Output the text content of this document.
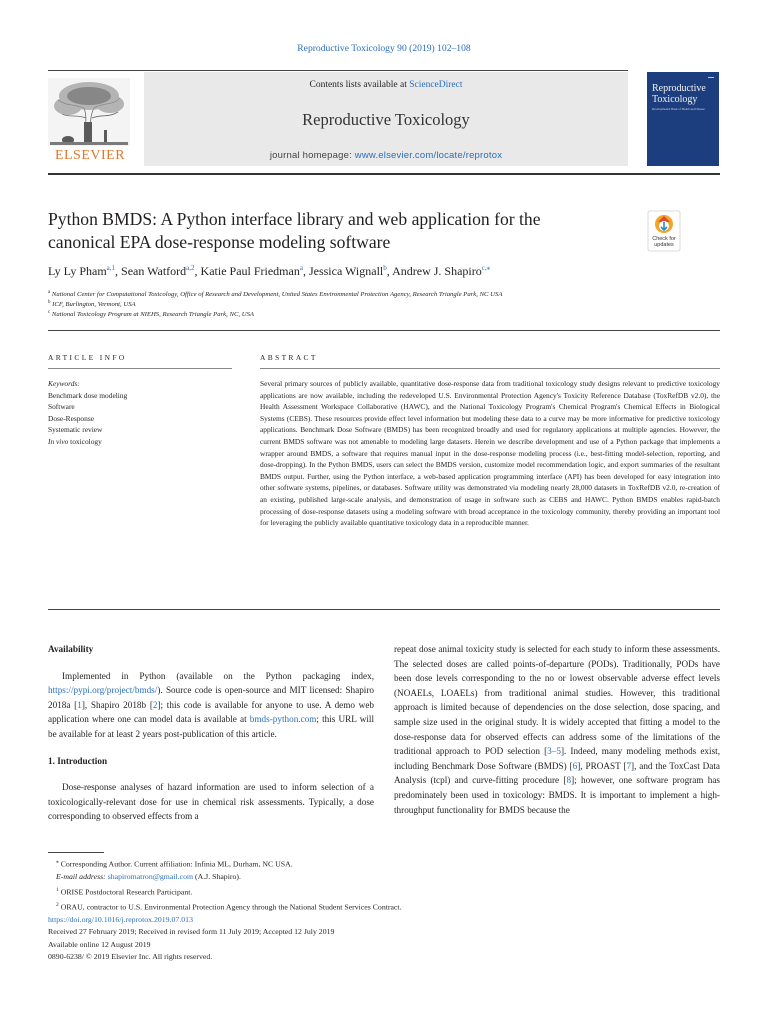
Reproductive Toxicology 90 (2019) 102–108
Contents lists available at ScienceDirect
Reproductive Toxicology
journal homepage: www.elsevier.com/locate/reprotox
ELSEVIER
▬▬
Reproductive
Toxicology
Developmental Basis of Health and Disease
Python BMDS: A Python interface library and web application for the
canonical EPA dose-response modeling software	Check for
updates
Ly Ly Pham$^{a,1}$, Sean Watford$^{a,2}$, Katie Paul Friedman$^a$, Jessica Wignall$^b$, Andrew J. Shapiro$^{c,⁎}$
$^a$ National Center for Computational Toxicology, Office of Research and Development, United States Environmental Protection Agency, Research Triangle Park, NC USA
$^b$ ICF, Burlington, Vermont, USA
$^c$ National Toxicology Program at NIEHS, Research Triangle Park, NC, USA
ARTICLE INFO	ABSTRACT
Keywords:
Benchmark dose modeling
Software
Dose-Response
Systematic review
In vivo toxicology
Several primary sources of publicly available, quantitative dose-response data from traditional toxicology study designs relevant to predictive toxicology applications are now available, including the redeveloped U.S. Environmental Protection Agency's Toxicity Reference Database (ToxRefDB v2.0), the Health Assessment Workspace Collaborative (HAWC), and the National Toxicology Program's Chemical Program's Chemical Effects in Biological Systems (CEBS). These resources provide effect level information but modeling these data to a curve may be more informative for predictive toxicology applications. Benchmark Dose Software (BMDS) has been recognized broadly and used for regulatory applications at multiple agencies. However, the current BMDS software was not amenable to modeling large datasets. Herein we describe development and use of a Python package that implements a wrapper around BMDS, a software that requires manual input in the dose-response modeling process (i.e., best-fitting model-selection, reporting, and dose-dropping). In the Python BMDS, users can select the BMDS version, customize model recommendation logic, and export summaries of the resultant BMDS output. Further, using the Python interface, a web-based application programming interface (API) has been developed for easy integration into other software systems, pipelines, or databases. Software utility was demonstrated via modeling nearly 28,000 datasets in ToxRefDB v2.0, re-creation of an existing, published large-scale analysis, and demonstration of usage in software such as CEBS and HAWC. Python BMDS enables rapid-batch processing of dose-response datasets using a modeling software with broad acceptance in the toxicology community, thereby providing an important tool for leveraging the publicly available quantitative toxicology data in a reproducible manner.

Availability

Implemented in Python (available on the Python packaging index, https://pypi.org/project/bmds/). Source code is open-source and MIT licensed: Shapiro 2018a [1], Shapiro 2018b [2]; this code is available for anyone to use. A demo web application where one can model data is available at bmds-python.com; this URL will be available for at least 2 years post-publication of this article.

1. Introduction

Dose-response analyses of hazard information are used to inform selection of a toxicologically-relevant dose for use in chemical risk assessments. Typically, a dose corresponding to observed effects from a

repeat dose animal toxicity study is selected for each study to inform these assessments. The selected doses are called points-of-departure (PODs). Traditionally, PODs have been dose levels corresponding to the no or lowest observable adverse effect levels (NOAELs, LOAELs) from traditional animal studies. However, this traditional approach is limited because of dependencies on the dose selection, dose spacing, and sample size used in the original study. It is widely accepted that fitting a model to the dose-response data for observed effects can address some of the limitations of the traditional approach to POD selection [3–5]. Indeed, many modeling methods exist, including Benchmark Dose Software (BMDS) [6], PROAST [7], and the ToxCast Data Analysis (tcpl) and curve-fitting procedure [8]; however, one software program has predominately been used in toxicology: BMDS. It is important to implement a high-throughput functionality for BMDS because the

⁎ Corresponding Author. Current affiliation: Infinia ML, Durham, NC USA.

E-mail address: shapiromatron@gmail.com (A.J. Shapiro).

$^1$ ORISE Postdoctoral Research Participant.

$^2$ ORAU, contractor to U.S. Environmental Protection Agency through the National Student Services Contract.

https://doi.org/10.1016/j.reprotox.2019.07.013

Received 27 February 2019; Received in revised form 11 July 2019; Accepted 12 July 2019

Available online 12 August 2019

0890-6238/ © 2019 Elsevier Inc. All rights reserved.
